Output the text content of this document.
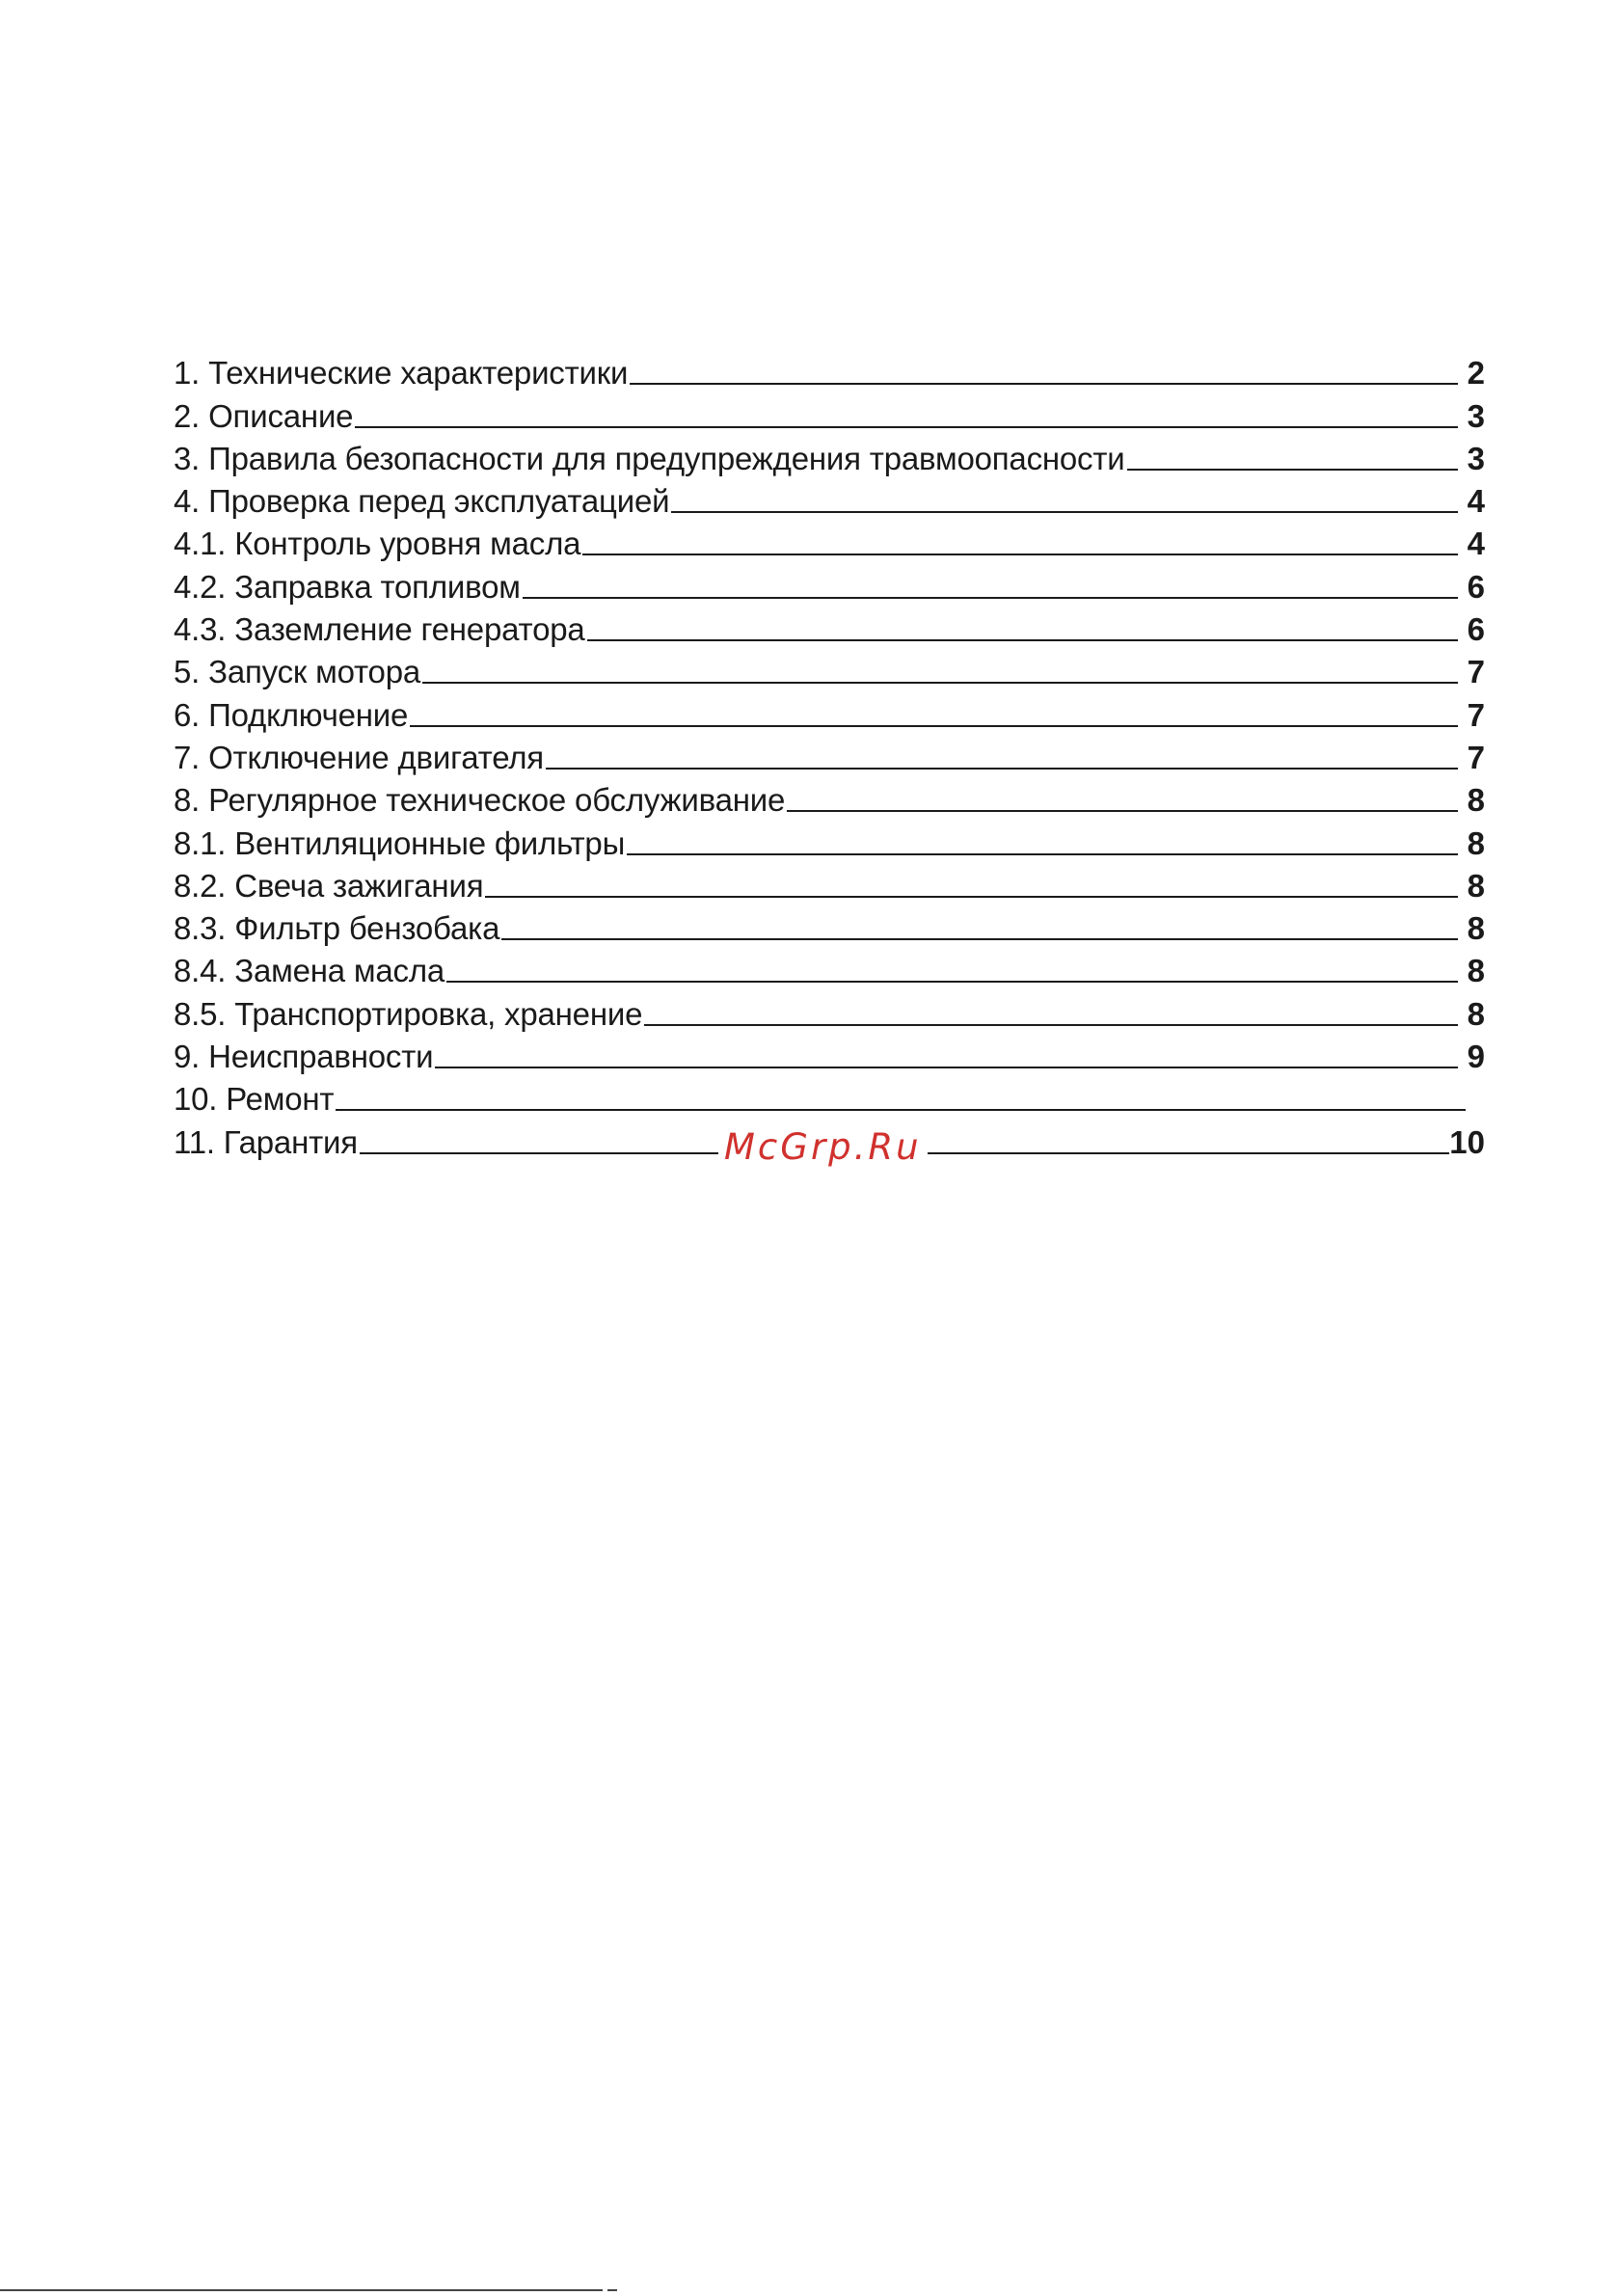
1. Технические характеристики	2
2. Описание	3
3. Правила безопасности для предупреждения травмоопасности	3
4. Проверка перед эксплуатацией	4
4.1. Контроль уровня масла	4
4.2. Заправка топливом	6
4.3. Заземление генератора	6
5. Запуск мотора	7
6. Подключение	7
7. Отключение двигателя	7
8. Регулярное техническое обслуживание	8
8.1. Вентиляционные фильтры	8
8.2. Свеча зажигания	8
8.3. Фильтр бензобака	8
8.4. Замена масла	8
8.5. Транспортировка, хранение	8
9. Неисправности	9
10. Ремонт
11. Гарантия	10
McGrp.Ru
